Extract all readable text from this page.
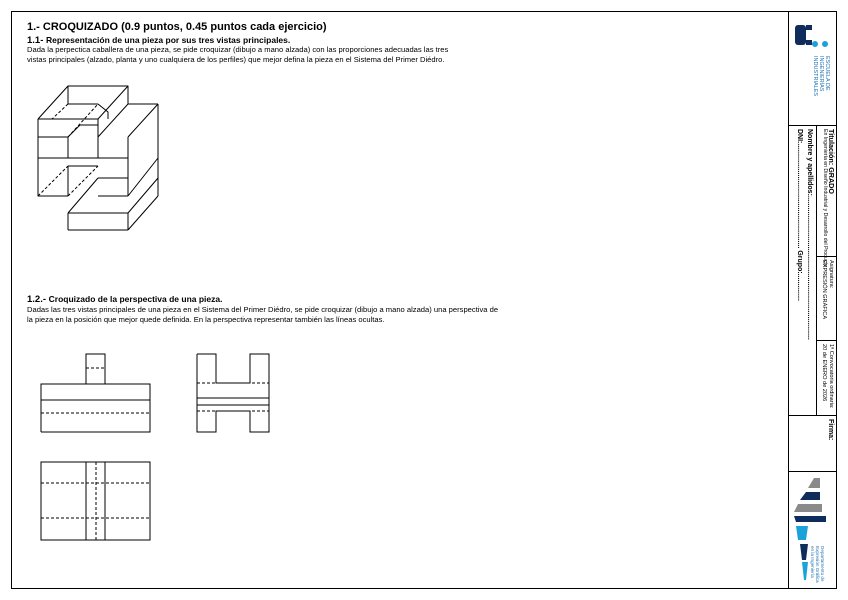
1.- CROQUIZADO (0.9 puntos, 0.45 puntos cada ejercicio)
1.1- Representación de una pieza por sus tres vistas principales.
Dada la perpectica caballera de una pieza, se pide croquizar (dibujo a mano alzada) con las proporciones adecuadas las tres
vistas principales (alzado, planta y uno cualquiera de los perfiles) que mejor defina la pieza en el Sistema del Primer Diédro.
1.2.- Croquizado de la perspectiva de una pieza.
Dadas las tres vistas principales de una pieza en el Sistema del Primer Diédro, se pide croquizar (dibujo a mano alzada) una perspectiva de
la pieza en la posición que mejor quede definida. En la perspectiva representar también las líneas ocultas.
ESCUELA DE
INGENIERÍAS
INDUSTRIALES
Titulación: GRADO
En Ingeniería en Diseño Industrial y Desarrollo del Producto
Nombre y apellidos:..........................................................................
DNI:...................................................... Grupo:..............	Asignatura:
EXPRESIÓN GRÁFICA
1ª Convocatoria ordinaria:
20 de ENERO de 2026
Firma:
Departamento de
Expresión Gráfica
en la Ingeniería
